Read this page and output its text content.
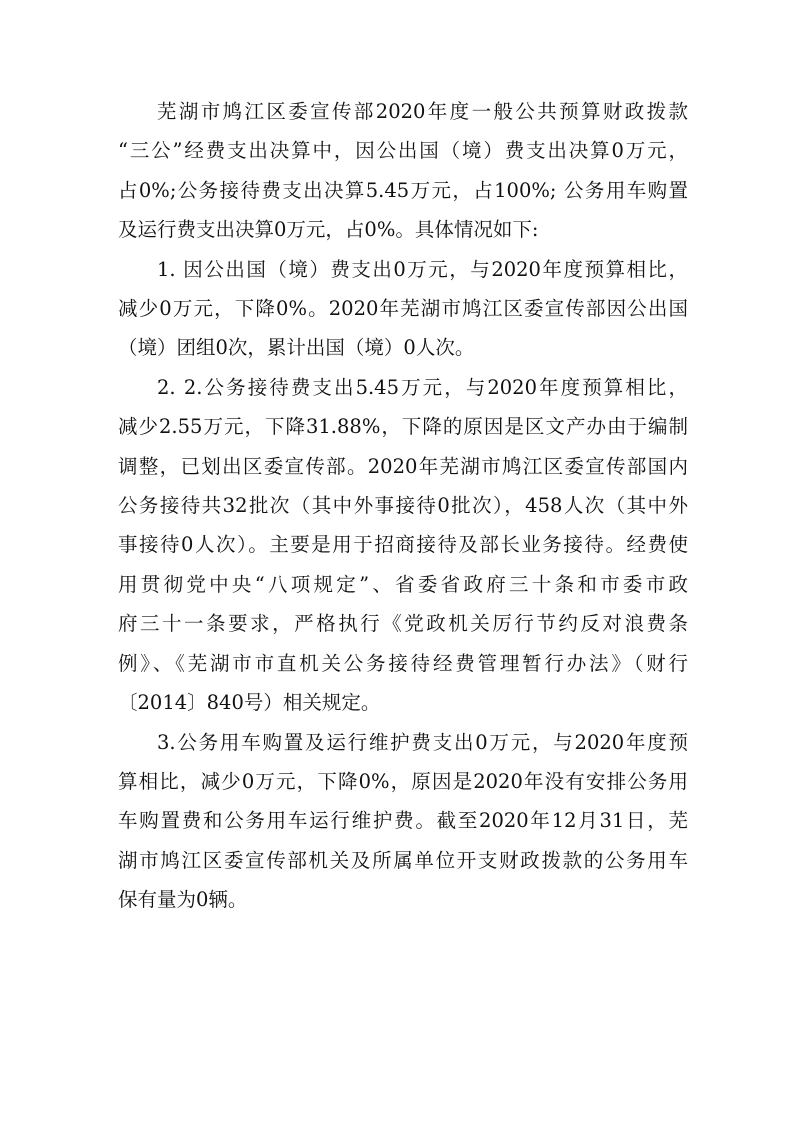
芜湖市鸠江区委宣传部2020年度一般公共预算财政拨款
“三公”经费支出决算中，因公出国（境）费支出决算0万元，
占0%;公务接待费支出决算5.45万元，占100%; 公务用车购置
及运行费支出决算0万元，占0%。具体情况如下:

1. 因公出国（境）费支出0万元，与2020年度预算相比，
减少0万元，下降0%。2020年芜湖市鸠江区委宣传部因公出国
（境）团组0次，累计出国（境）0人次。

2. 2.公务接待费支出5.45万元，与2020年度预算相比，
减少2.55万元，下降31.88%，下降的原因是区文产办由于编制
调整，已划出区委宣传部。2020年芜湖市鸠江区委宣传部国内
公务接待共32批次（其中外事接待0批次），458人次（其中外
事接待0人次）。主要是用于招商接待及部长业务接待。经费使
用贯彻党中央“八项规定”、省委省政府三十条和市委市政
府三十一条要求，严格执行《党政机关厉行节约反对浪费条
例》、《芜湖市市直机关公务接待经费管理暂行办法》（财行
〔2014〕840号）相关规定。

3.公务用车购置及运行维护费支出0万元，与2020年度预
算相比，减少0万元，下降0%，原因是2020年没有安排公务用
车购置费和公务用车运行维护费。截至2020年12月31日，芜
湖市鸠江区委宣传部机关及所属单位开支财政拨款的公务用车
保有量为0辆。
